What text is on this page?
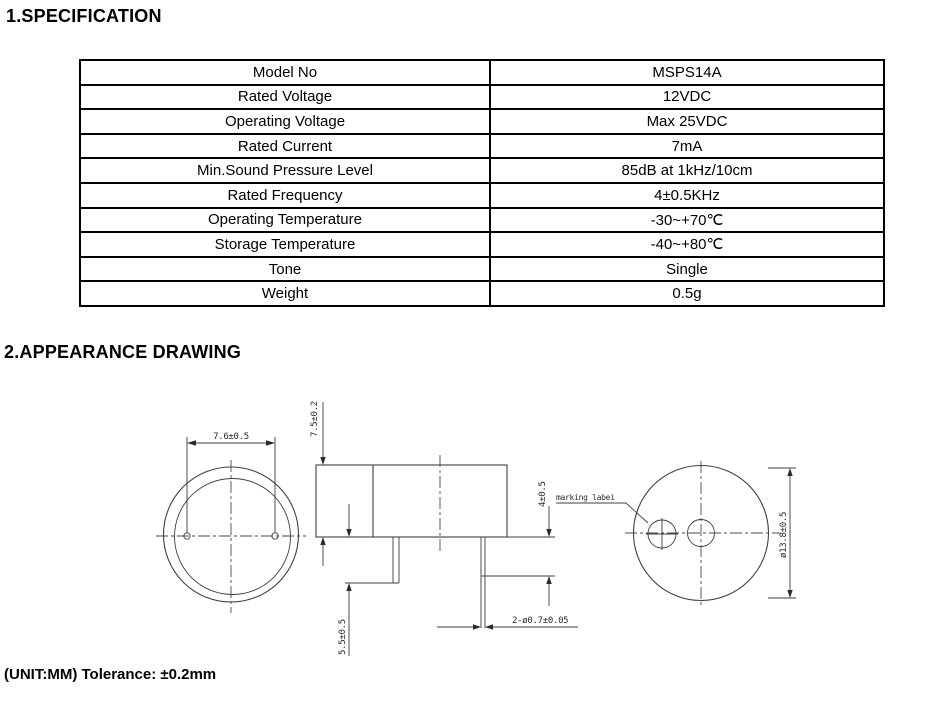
1.SPECIFICATION
Model No	MSPS14A
Rated Voltage	12VDC
Operating Voltage	Max 25VDC
Rated Current	7mA
Min.Sound Pressure Level	85dB at 1kHz/10cm
Rated Frequency	4±0.5KHz
Operating Temperature	-30~+70℃
Storage Temperature	-40~+80℃
Tone	Single
Weight	0.5g
2.APPEARANCE DRAWING
7.6±0.5	7.5±0.2
5.5±0.5
4±0.5
2-ø0.7±0.05
ø13.8±0.5
marking labei
(UNIT:MM) Tolerance: ±0.2mm
